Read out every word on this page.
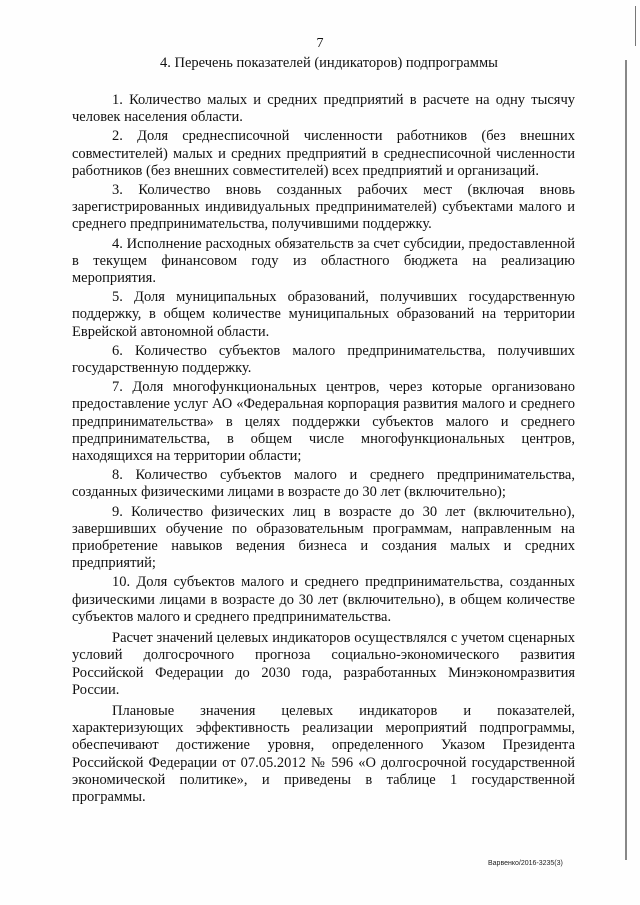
7
4. Перечень показателей (индикаторов) подпрограммы

1. Количество малых и средних предприятий в расчете на одну тысячу человек населения области.

2. Доля среднесписочной численности работников (без внешних совместителей) малых и средних предприятий в среднесписочной численности работников (без внешних совместителей) всех предприятий и организаций.

3. Количество вновь созданных рабочих мест (включая вновь зарегистрированных индивидуальных предпринимателей) субъектами малого и среднего предпринимательства, получившими поддержку.

4. Исполнение расходных обязательств за счет субсидии, предоставленной в текущем финансовом году из областного бюджета на реализацию мероприятия.

5. Доля муниципальных образований, получивших государственную поддержку, в общем количестве муниципальных образований на территории Еврейской автономной области.

6. Количество субъектов малого предпринимательства, получивших государственную поддержку.

7. Доля многофункциональных центров, через которые организовано предоставление услуг АО «Федеральная корпорация развития малого и среднего предпринимательства» в целях поддержки субъектов малого и среднего предпринимательства, в общем числе многофункциональных центров, находящихся на территории области;

8. Количество субъектов малого и среднего предпринимательства, созданных физическими лицами в возрасте до 30 лет (включительно);

9. Количество физических лиц в возрасте до 30 лет (включительно), завершивших обучение по образовательным программам, направленным на приобретение навыков ведения бизнеса и создания малых и средних предприятий;

10. Доля субъектов малого и среднего предпринимательства, созданных физическими лицами в возрасте до 30 лет (включительно), в общем количестве субъектов малого и среднего предпринимательства.

Расчет значений целевых индикаторов осуществлялся с учетом сценарных условий долгосрочного прогноза социально-экономического развития Российской Федерации до 2030 года, разработанных Минэкономразвития России.

Плановые значения целевых индикаторов и показателей, характеризующих эффективность реализации мероприятий подпрограммы, обеспечивают достижение уровня, определенного Указом Президента Российской Федерации от 07.05.2012 № 596 «О долгосрочной государственной экономической политике», и приведены в таблице 1 государственной программы.

Варвенко/2016-3235(3)
